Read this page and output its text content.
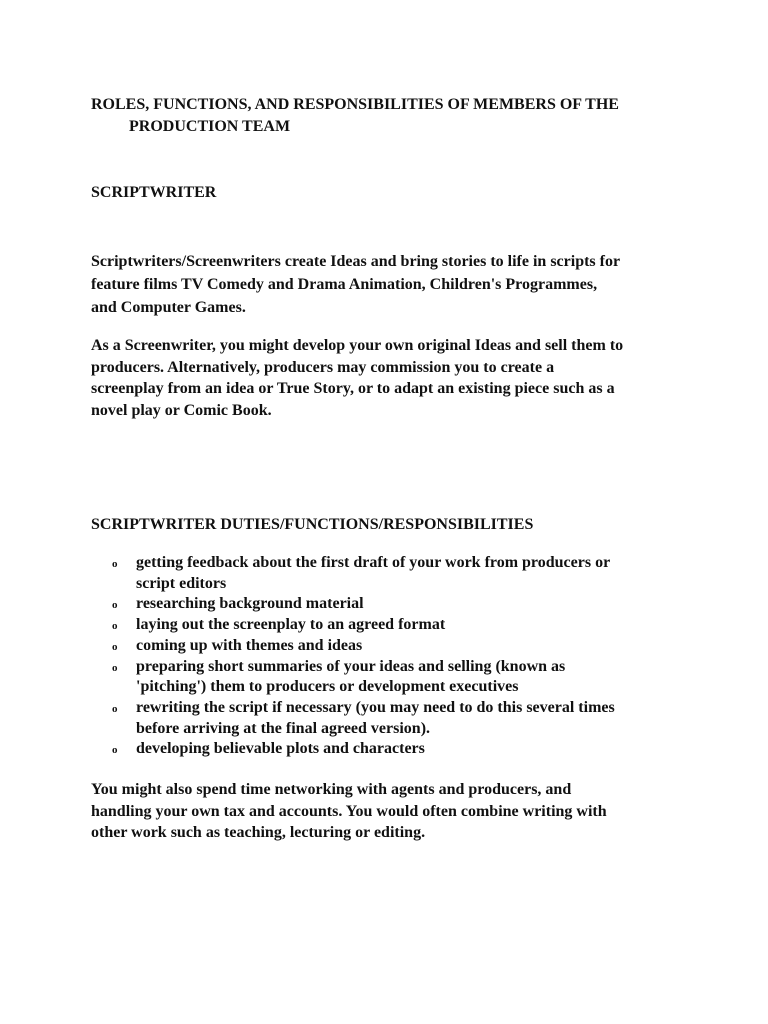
ROLES, FUNCTIONS, AND RESPONSIBILITIES OF MEMBERS OF THE
PRODUCTION TEAM

SCRIPTWRITER

Scriptwriters/Screenwriters create Ideas and bring stories to life in scripts for
feature films TV Comedy and Drama Animation, Children's Programmes,
and Computer Games.

As a Screenwriter, you might develop your own original Ideas and sell them to
producers. Alternatively, producers may commission you to create a
screenplay from an idea or True Story, or to adapt an existing piece such as a
novel play or Comic Book.

SCRIPTWRITER DUTIES/FUNCTIONS/RESPONSIBILITIES

o getting feedback about the first draft of your work from producers or
script editors
o researching background material
o laying out the screenplay to an agreed format
o coming up with themes and ideas
o preparing short summaries of your ideas and selling (known as
'pitching') them to producers or development executives
o rewriting the script if necessary (you may need to do this several times
before arriving at the final agreed version).
o developing believable plots and characters

You might also spend time networking with agents and producers, and
handling your own tax and accounts. You would often combine writing with
other work such as teaching, lecturing or editing.
